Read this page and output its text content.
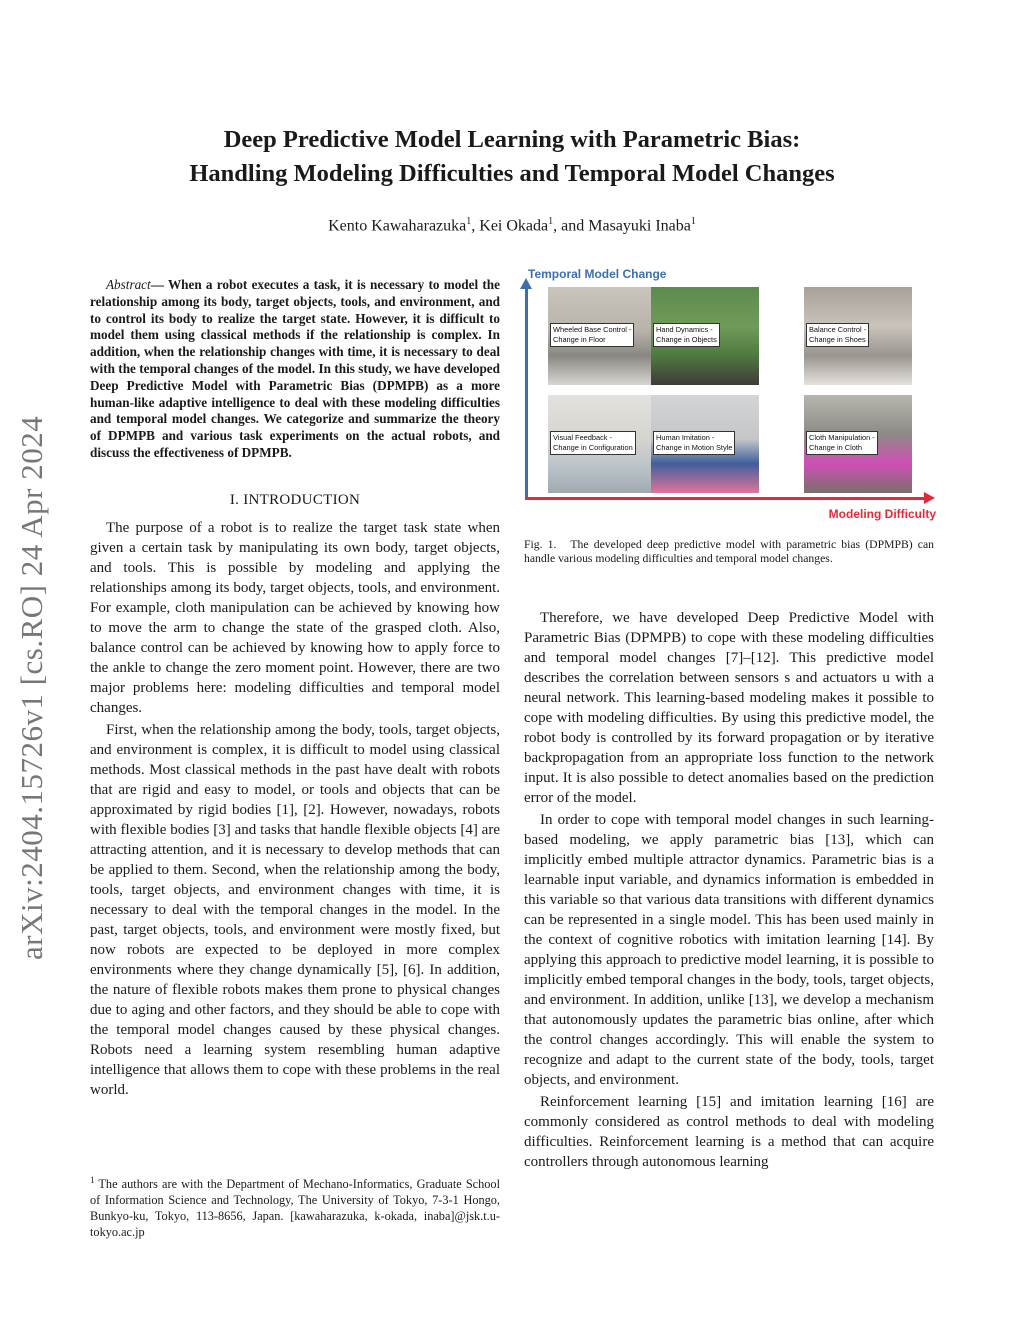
arXiv:2404.15726v1 [cs.RO] 24 Apr 2024
Deep Predictive Model Learning with Parametric Bias:
Handling Modeling Difficulties and Temporal Model Changes
Kento Kawaharazuka$^1$, Kei Okada$^1$, and Masayuki Inaba$^1$
Abstract— When a robot executes a task, it is necessary to model the relationship among its body, target objects, tools, and environment, and to control its body to realize the target state. However, it is difficult to model them using classical methods if the relationship is complex. In addition, when the relationship changes with time, it is necessary to deal with the temporal changes of the model. In this study, we have developed Deep Predictive Model with Parametric Bias (DPMPB) as a more human-like adaptive intelligence to deal with these modeling difficulties and temporal model changes. We categorize and summarize the theory of DPMPB and various task experiments on the actual robots, and discuss the effectiveness of DPMPB.
I. INTRODUCTION

The purpose of a robot is to realize the target task state when given a certain task by manipulating its own body, target objects, and tools. This is possible by modeling and applying the relationships among its body, target objects, tools, and environment. For example, cloth manipulation can be achieved by knowing how to move the arm to change the state of the grasped cloth. Also, balance control can be achieved by knowing how to apply force to the ankle to change the zero moment point. However, there are two major problems here: modeling difficulties and temporal model changes.

First, when the relationship among the body, tools, target objects, and environment is complex, it is difficult to model using classical methods. Most classical methods in the past have dealt with robots that are rigid and easy to model, or tools and objects that can be approximated by rigid bodies [1], [2]. However, nowadays, robots with flexible bodies [3] and tasks that handle flexible objects [4] are attracting attention, and it is necessary to develop methods that can be applied to them. Second, when the relationship among the body, tools, target objects, and environment changes with time, it is necessary to deal with the temporal changes in the model. In the past, target objects, tools, and environment were mostly fixed, but now robots are expected to be deployed in more complex environments where they change dynamically [5], [6]. In addition, the nature of flexible robots makes them prone to physical changes due to aging and other factors, and they should be able to cope with the temporal model changes caused by these physical changes. Robots need a learning system resembling human adaptive intelligence that allows them to cope with these problems in the real world.

$^1$ The authors are with the Department of Mechano-Informatics, Graduate School of Information Science and Technology, The University of Tokyo, 7-3-1 Hongo, Bunkyo-ku, Tokyo, 113-8656, Japan. [kawaharazuka, k-okada, inaba]@jsk.t.u-tokyo.ac.jp
Temporal Model Change
Modeling Difficulty
Wheeled Base Control -
Change in Floor
Hand Dynamics -
Change in Objects
Balance Control -
Change in Shoes
Visual Feedback -
Change in Configuration
Human Imitation -
Change in Motion Style
Cloth Manipulation -
Change in Cloth
Fig. 1. The developed deep predictive model with parametric bias (DPMPB) can handle various modeling difficulties and temporal model changes.

Therefore, we have developed Deep Predictive Model with Parametric Bias (DPMPB) to cope with these modeling difficulties and temporal model changes [7]–[12]. This predictive model describes the correlation between sensors s and actuators u with a neural network. This learning-based modeling makes it possible to cope with modeling difficulties. By using this predictive model, the robot body is controlled by its forward propagation or by iterative backpropagation from an appropriate loss function to the network input. It is also possible to detect anomalies based on the prediction error of the model.

In order to cope with temporal model changes in such learning-based modeling, we apply parametric bias [13], which can implicitly embed multiple attractor dynamics. Parametric bias is a learnable input variable, and dynamics information is embedded in this variable so that various data transitions with different dynamics can be represented in a single model. This has been used mainly in the context of cognitive robotics with imitation learning [14]. By applying this approach to predictive model learning, it is possible to implicitly embed temporal changes in the body, tools, target objects, and environment. In addition, unlike [13], we develop a mechanism that autonomously updates the parametric bias online, after which the control changes accordingly. This will enable the system to recognize and adapt to the current state of the body, tools, target objects, and environment.

Reinforcement learning [15] and imitation learning [16] are commonly considered as control methods to deal with modeling difficulties. Reinforcement learning is a method that can acquire controllers through autonomous learning
